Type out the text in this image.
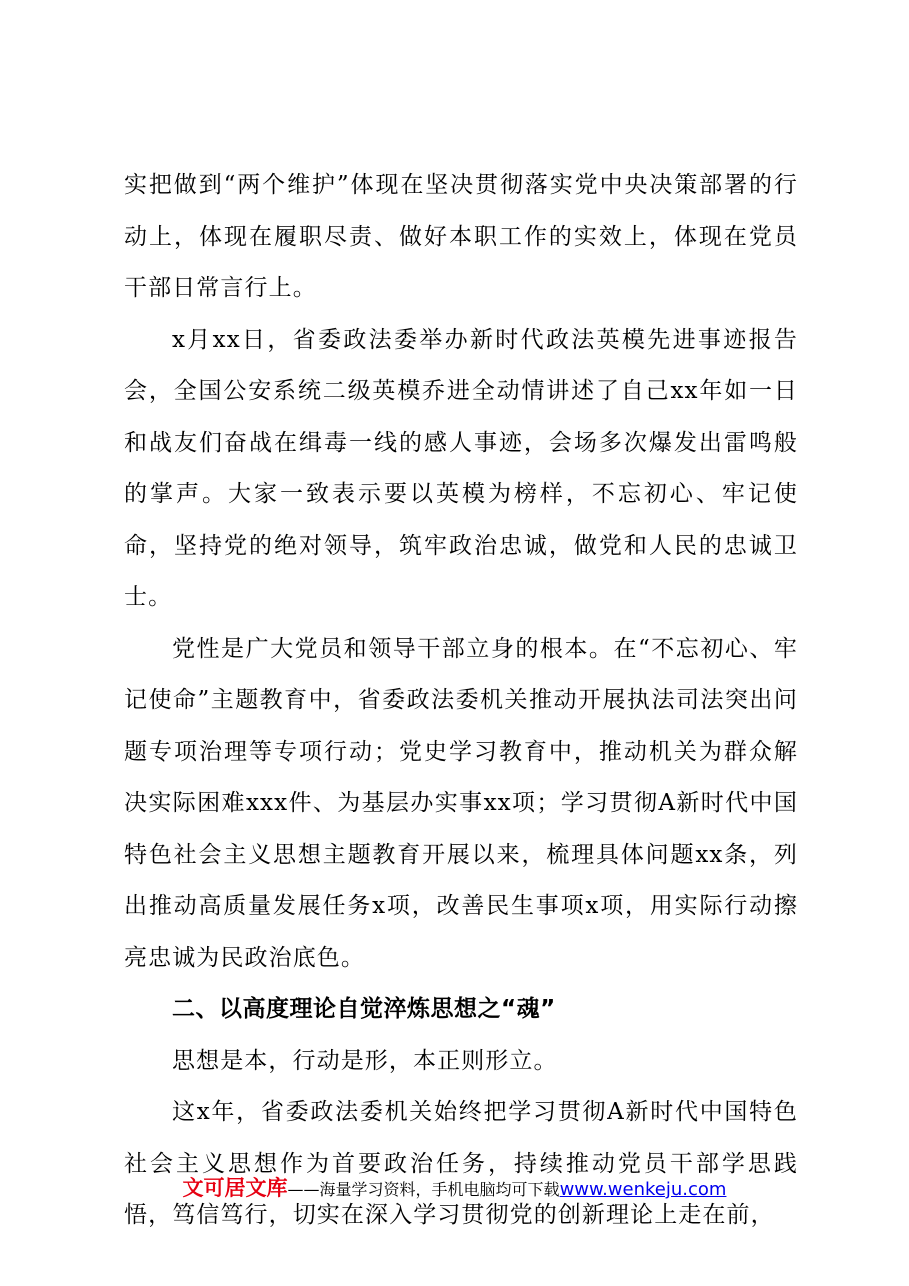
实把做到“两个维护”体现在坚决贯彻落实党中央决策部署的行动上，体现在履职尽责、做好本职工作的实效上，体现在党员干部日常言行上。

x月xx日，省委政法委举办新时代政法英模先进事迹报告会，全国公安系统二级英模乔进全动情讲述了自己xx年如一日和战友们奋战在缉毒一线的感人事迹，会场多次爆发出雷鸣般的掌声。大家一致表示要以英模为榜样，不忘初心、牢记使命，坚持党的绝对领导，筑牢政治忠诚，做党和人民的忠诚卫士。

党性是广大党员和领导干部立身的根本。在“不忘初心、牢记使命”主题教育中，省委政法委机关推动开展执法司法突出问题专项治理等专项行动；党史学习教育中，推动机关为群众解决实际困难xxx件、为基层办实事xx项；学习贯彻A新时代中国特色社会主义思想主题教育开展以来，梳理具体问题xx条，列出推动高质量发展任务x项，改善民生事项x项，用实际行动擦亮忠诚为民政治底色。

二、以高度理论自觉淬炼思想之“魂”

思想是本，行动是形，本正则形立。

这x年，省委政法委机关始终把学习贯彻A新时代中国特色社会主义思想作为首要政治任务，持续推动党员干部学思践悟，笃信笃行，切实在深入学习贯彻党的创新理论上走在前，

文可居文库——海量学习资料，手机电脑均可下载www.wenkeju.com
